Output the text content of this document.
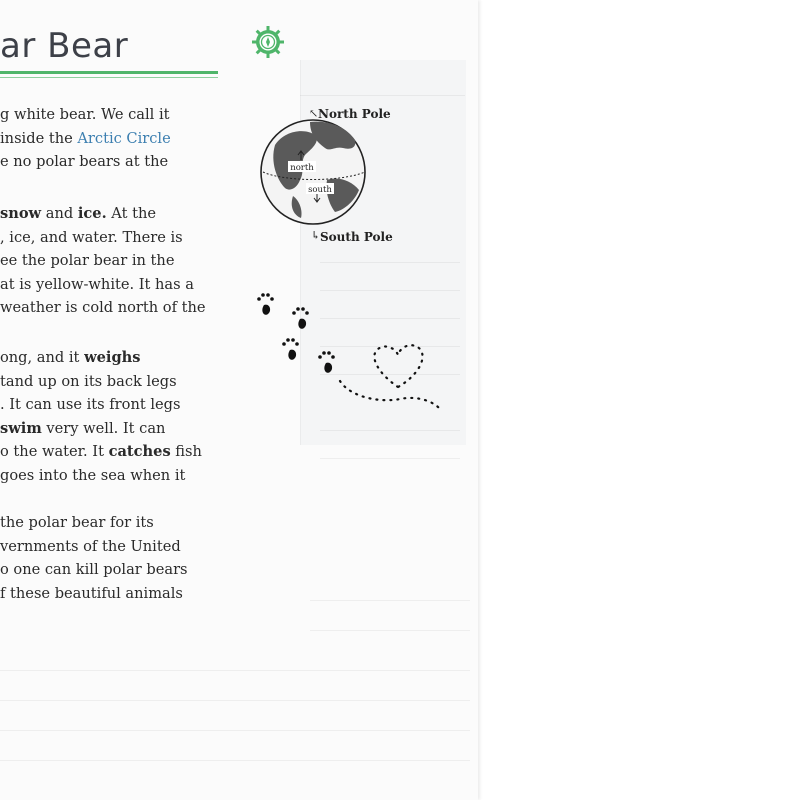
ar Bear
g white bear. We call it
inside the Arctic Circle
e no polar bears at the
snow and ice. At the
, ice, and water. There is
ee the polar bear in the
at is yellow-white. It has a
weather is cold north of the
ong, and it weighs
tand up on its back legs
. It can use its front legs
swim very well. It can
o the water. It catches fish
goes into the sea when it
the polar bear for its
vernments of the United
o one can kill polar bears
f these beautiful animals
north
south
↖ North Pole
↳ South Pole
